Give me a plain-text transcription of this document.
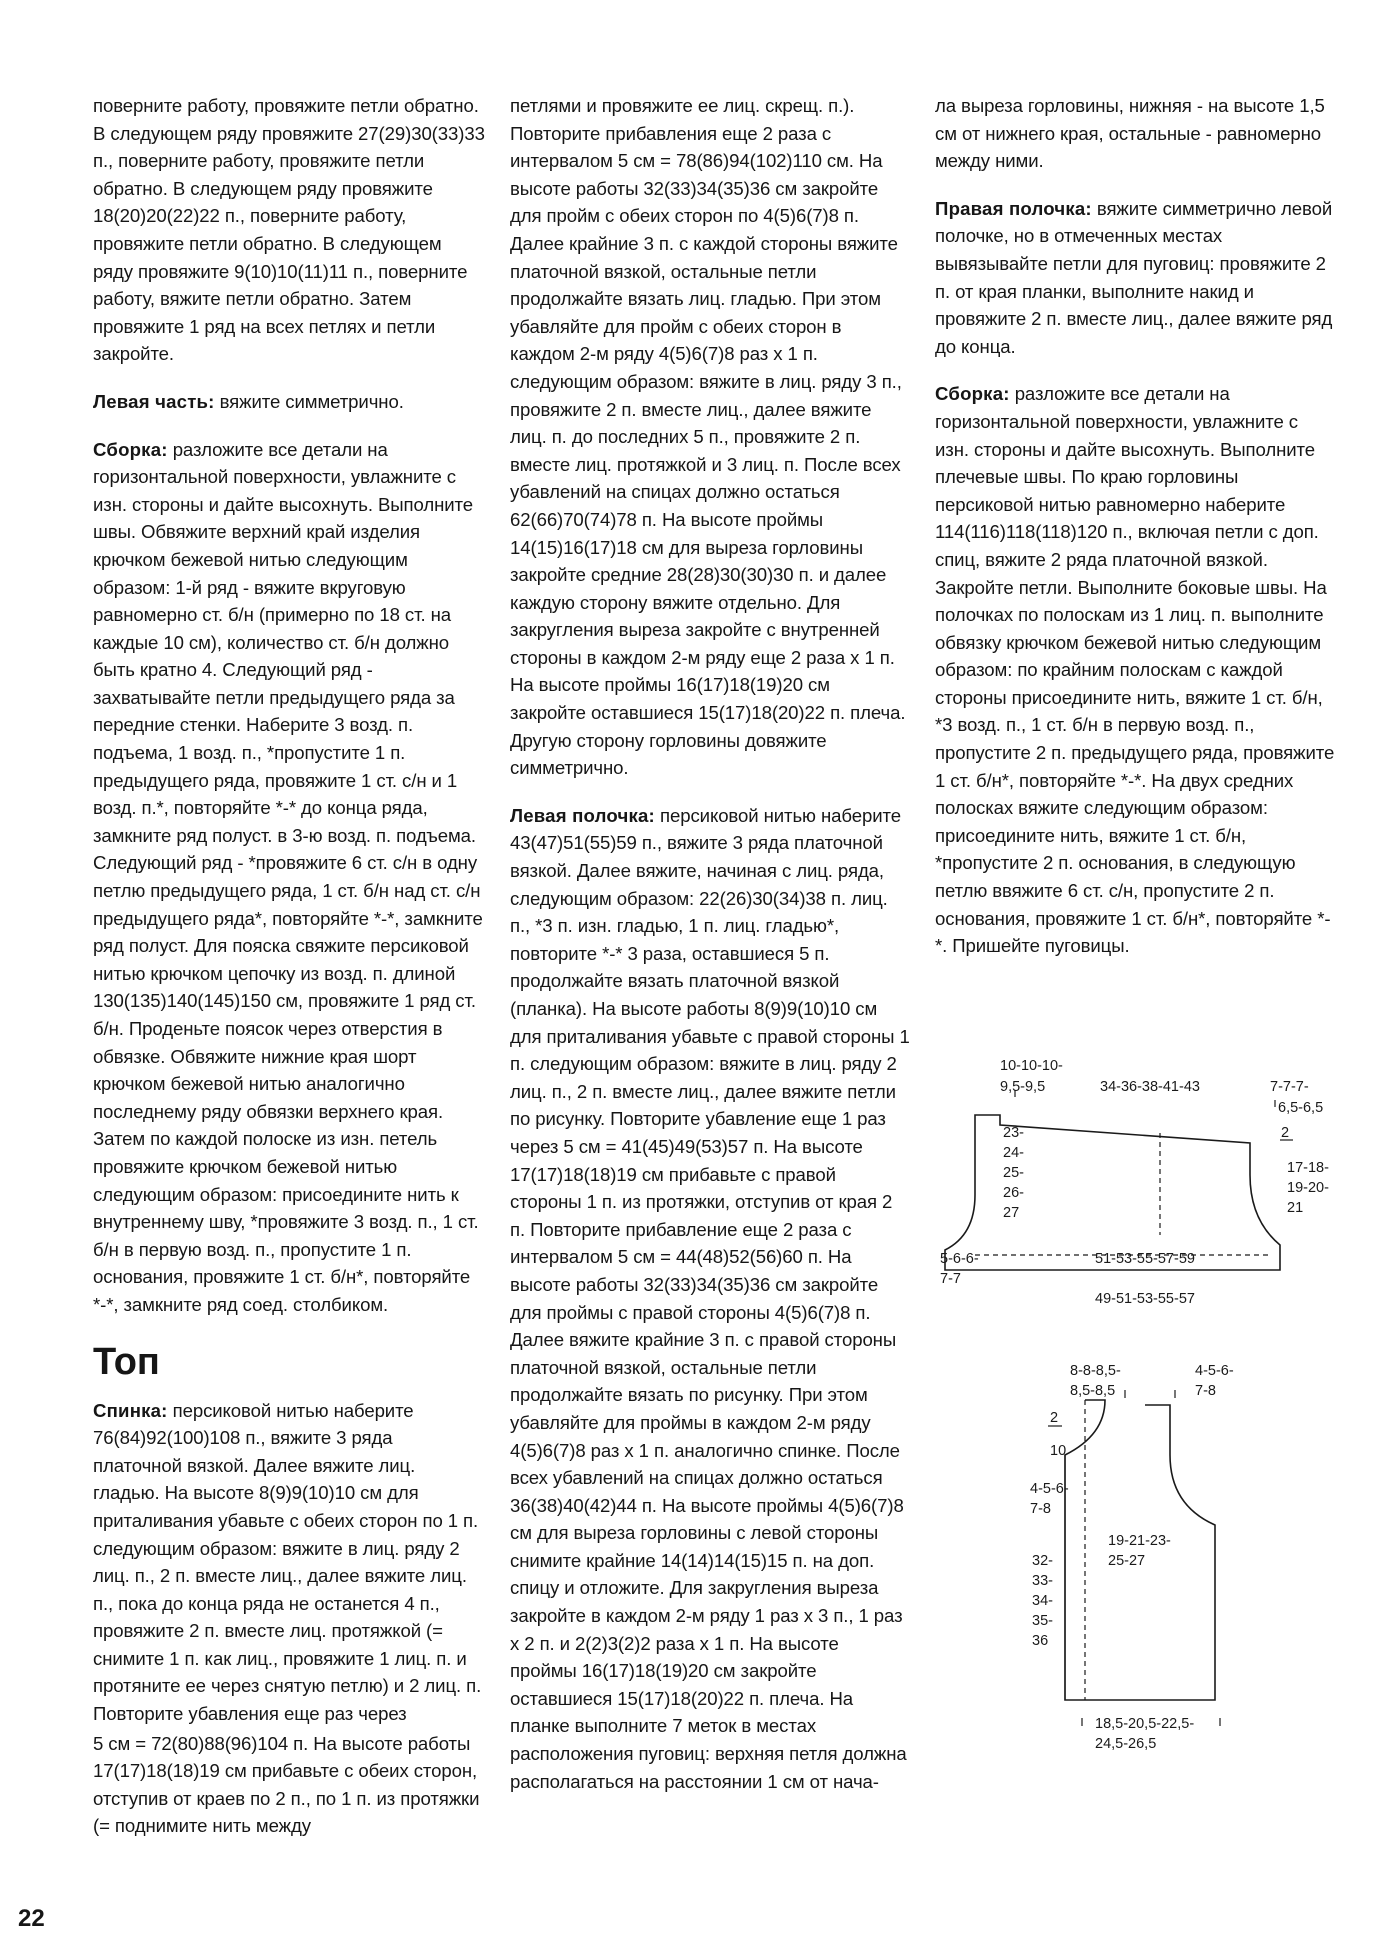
поверните работу, провяжите петли обратно. В следующем ряду провяжите 27(29)30(33)33 п., поверните работу, провяжите петли обратно. В следующем ряду провяжите 18(20)20(22)22 п., поверните работу, провяжите петли обратно. В следующем ряду провяжите 9(10)10(11)11 п., поверните работу, вяжите петли обратно. Затем провяжите 1 ряд на всех петлях и петли закройте.

Левая часть: вяжите симметрично.

Сборка: разложите все детали на горизонтальной поверхности, увлажните с изн. стороны и дайте высохнуть. Выполните швы. Обвяжите верхний край изделия крючком бежевой нитью следующим образом: 1-й ряд - вяжите вкруговую равномерно ст. б/н (примерно по 18 ст. на каждые 10 см), количество ст. б/н должно быть кратно 4. Следующий ряд - захватывайте петли предыдущего ряда за передние стенки. Наберите 3 возд. п. подъема, 1 возд. п., *пропустите 1 п. предыдущего ряда, провяжите 1 ст. с/н и 1 возд. п.*, повторяйте *-* до конца ряда, замкните ряд полуст. в 3-ю возд. п. подъема. Следующий ряд - *провяжите 6 ст. с/н в одну петлю предыдущего ряда, 1 ст. б/н над ст. с/н предыдущего ряда*, повторяйте *-*, замкните ряд полуст. Для пояска свяжите персиковой нитью крючком цепочку из возд. п. длиной 130(135)140(145)150 см, провяжите 1 ряд ст. б/н. Проденьте поясок через отверстия в обвязке. Обвяжите нижние края шорт крючком бежевой нитью аналогично последнему ряду обвязки верхнего края. Затем по каждой полоске из изн. петель провяжите крючком бежевой нитью следующим образом: присоедините нить к внутреннему шву, *провяжите 3 возд. п., 1 ст. б/н в первую возд. п., пропустите 1 п. основания, провяжите 1 ст. б/н*, повторяйте *-*, замкните ряд соед. столбиком.

Топ

Спинка: персиковой нитью наберите 76(84)92(100)108 п., вяжите 3 ряда платочной вязкой. Далее вяжите лиц. гладью. На высоте 8(9)9(10)10 см для приталивания убавьте с обеих сторон по 1 п. следующим образом: вяжите в лиц. ряду 2 лиц. п., 2 п. вместе лиц., далее вяжите лиц. п., пока до конца ряда не останется 4 п., провяжите 2 п. вместе лиц. протяжкой (= снимите 1 п. как лиц., провяжите 1 лиц. п. и протяните ее через снятую петлю) и 2 лиц. п. Повторите убавления еще раз через

5 см = 72(80)88(96)104 п. На высоте работы 17(17)18(18)19 см прибавьте с обеих сторон, отступив от краев по 2 п., по 1 п. из протяжки (= поднимите нить между

петлями и провяжите ее лиц. скрещ. п.). Повторите прибавления еще 2 раза с интервалом 5 см = 78(86)94(102)110 см. На высоте работы 32(33)34(35)36 см закройте для пройм с обеих сторон по 4(5)6(7)8 п. Далее крайние 3 п. с каждой стороны вяжите платочной вязкой, остальные петли продолжайте вязать лиц. гладью. При этом убавляйте для пройм с обеих сторон в каждом 2-м ряду 4(5)6(7)8 раз х 1 п. следующим образом: вяжите в лиц. ряду 3 п., провяжите 2 п. вместе лиц., далее вяжите лиц. п. до последних 5 п., провяжите 2 п. вместе лиц. протяжкой и 3 лиц. п. После всех убавлений на спицах должно остаться 62(66)70(74)78 п. На высоте проймы 14(15)16(17)18 см для выреза горловины закройте средние 28(28)30(30)30 п. и далее каждую сторону вяжите отдельно. Для закругления выреза закройте с внутренней стороны в каждом 2-м ряду еще 2 раза х 1 п. На высоте проймы 16(17)18(19)20 см закройте оставшиеся 15(17)18(20)22 п. плеча. Другую сторону горловины довяжите симметрично.

Левая полочка: персиковой нитью наберите 43(47)51(55)59 п., вяжите 3 ряда платочной вязкой. Далее вяжите, начиная с лиц. ряда, следующим образом: 22(26)30(34)38 п. лиц. п., *3 п. изн. гладью, 1 п. лиц. гладью*, повторите *-* 3 раза, оставшиеся 5 п. продолжайте вязать платочной вязкой (планка). На высоте работы 8(9)9(10)10 см для приталивания убавьте с правой стороны 1 п. следующим образом: вяжите в лиц. ряду 2 лиц. п., 2 п. вместе лиц., далее вяжите петли по рисунку. Повторите убавление еще 1 раз через 5 см = 41(45)49(53)57 п. На высоте 17(17)18(18)19 см прибавьте с правой стороны 1 п. из протяжки, отступив от края 2 п. Повторите прибавление еще 2 раза с интервалом 5 см = 44(48)52(56)60 п. На высоте работы 32(33)34(35)36 см закройте для проймы с правой стороны 4(5)6(7)8 п. Далее вяжите крайние 3 п. с правой стороны платочной вязкой, остальные петли продолжайте вязать по рисунку. При этом убавляйте для проймы в каждом 2-м ряду 4(5)6(7)8 раз х 1 п. аналогично спинке. После всех убавлений на спицах должно остаться 36(38)40(42)44 п. На высоте проймы 4(5)6(7)8 см для выреза горловины с левой стороны снимите крайние 14(14)14(15)15 п. на доп. спицу и отложите. Для закругления выреза закройте в каждом 2-м ряду 1 раз х 3 п., 1 раз х 2 п. и 2(2)3(2)2 раза х 1 п. На высоте проймы 16(17)18(19)20 см закройте оставшиеся 15(17)18(20)22 п. плеча. На планке выполните 7 меток в местах расположения пуговиц: верхняя петля должна располагаться на расстоянии 1 см от нача-

ла выреза горловины, нижняя - на высоте 1,5 см от нижнего края, остальные - равномерно между ними.

Правая полочка: вяжите симметрично левой полочке, но в отмеченных местах вывязывайте петли для пуговиц: провяжите 2 п. от края планки, выполните накид и провяжите 2 п. вместе лиц., далее вяжите ряд до конца.

Сборка: разложите все детали на горизонтальной поверхности, увлажните с изн. стороны и дайте высохнуть. Выполните плечевые швы. По краю горловины персиковой нитью равномерно наберите 114(116)118(118)120 п., включая петли с доп. спиц, вяжите 2 ряда платочной вязкой. Закройте петли. Выполните боковые швы. На полочках по полоскам из 1 лиц. п. выполните обвязку крючком бежевой нитью следующим образом: по крайним полоскам с каждой стороны присоедините нить, вяжите 1 ст. б/н, *3 возд. п., 1 ст. б/н в первую возд. п., пропустите 2 п. предыдущего ряда, провяжите 1 ст. б/н*, повторяйте *-*. На двух средних полосках вяжите следующим образом: присоедините нить, вяжите 1 ст. б/н, *пропустите 2 п. основания, в следующую петлю ввяжите 6 ст. с/н, пропустите 2 п. основания, провяжите 1 ст. б/н*, повторяйте *-*. Пришейте пуговицы.

10-10-10-
9,5-9,5	34-36-38-41-43	7-7-7-
6,5-6,5
2
23-
24-
25-
26-
27
17-18-
19-20-
21
5-6-6-
7-7
51-53-55-57-59
49-51-53-55-57
8-8-8,5-
8,5-8,5
4-5-6-
7-8
2
10
4-5-6-
7-8
19-21-23-
25-27
32-
33-
34-
35-
36
18,5-20,5-22,5-
24,5-26,5
22
